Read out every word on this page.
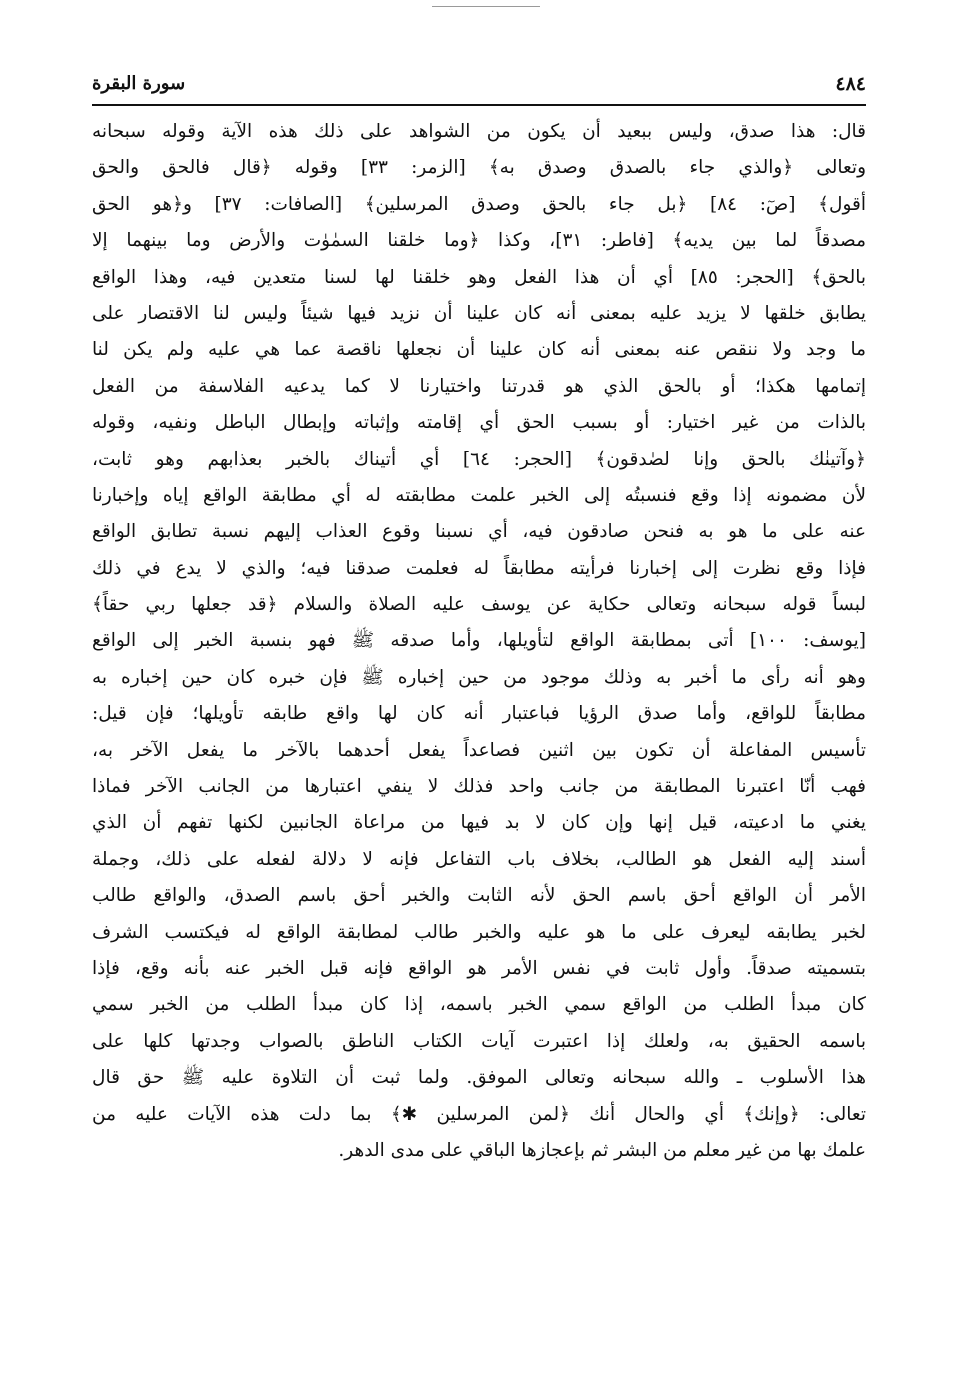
سورة البقرة	٤٨٤
قال: هذا صدق، وليس ببعيد أن يكون من الشواهد على ذلك هذه الآية وقوله سبحانه
وتعالى ﴿والذي جاء بالصدق وصدق به﴾ [الزمر: ٣٣] وقوله ﴿قال فالحق والحق
أقول﴾ [صٓ: ٨٤] ﴿بل جاء بالحق وصدق المرسلين﴾ [الصافات: ٣٧] و﴿هو الحق
مصدقاً لما بين يديه﴾ [فاطر: ٣١]، وكذا ﴿وما خلقنا السمٰوٰت والأرض وما بينهما إلا
بالحق﴾ [الحجر: ٨٥] أي أن هذا الفعل وهو خلقنا لها لسنا متعدين فيه، وهذا الواقع
يطابق خلقها لا يزيد عليه بمعنى أنه كان علينا أن نزيد فيها شيئاً وليس لنا الاقتصار على
ما وجد ولا ننقص عنه بمعنى أنه كان علينا أن نجعلها ناقصة عما هي عليه ولم يكن لنا
إتمامها هكذا؛ أو بالحق الذي هو قدرتنا واختيارنا لا كما يدعيه الفلاسفة من الفعل
بالذات من غير اختيار: أو بسبب الحق أي إقامته وإثباته وإبطال الباطل ونفيه، وقوله
﴿وآتينٰك بالحق وإنا لصٰدقون﴾ [الحجر: ٦٤] أي أتيناك بالخبر بعذابهم وهو ثابت،
لأن مضمونه إذا وقع فنسبتُه إلى الخبر علمت مطابقته له أي مطابقة الواقع إياه وإخبارنا
عنه على ما هو به فنحن صادقون فيه، أي نسبنا وقوع العذاب إليهم نسبة تطابق الواقع
فإذا وقع نظرت إلى إخبارنا فرأيته مطابقاً له فعلمت صدقنا فيه؛ والذي لا يدع في ذلك
لبساً قوله سبحانه وتعالى حكاية عن يوسف عليه الصلاة والسلام ﴿قد جعلها ربي حقاً﴾
[يوسف: ١٠٠] أتى بمطابقة الواقع لتأويلها، وأما صدقه ﷺ فهو بنسبة الخبر إلى الواقع
وهو أنه رأى ما أخبر به وذلك موجود من حين إخباره ﷺ فإن خبره كان حين إخباره به
مطابقاً للواقع، وأما صدق الرؤيا فباعتبار أنه كان لها واقع طابقه تأويلها؛ فإن قيل:
تأسيس المفاعلة أن تكون بين اثنين فصاعداً يفعل أحدهما بالآخر ما يفعل الآخر به،
فهب أنّا اعتبرنا المطابقة من جانب واحد فذلك لا ينفي اعتبارها من الجانب الآخر فماذا
يغني ما ادعيته، قيل إنها وإن كان لا بد فيها من مراعاة الجانبين لكنها تفهم أن الذي
أسند إليه الفعل هو الطالب، بخلاف باب التفاعل فإنه لا دلالة لفعله على ذلك، وجملة
الأمر أن الواقع أحق باسم الحق لأنه الثابت والخبر أحق باسم الصدق، والواقع طالب
لخبر يطابقه ليعرف على ما هو عليه والخبر طالب لمطابقة الواقع له فيكتسب الشرف
بتسميته صدقاً. وأول ثابت في نفس الأمر هو الواقع فإنه قبل الخبر عنه بأنه وقع، فإذا
كان مبدأ الطلب من الواقع سمي الخبر باسمه، إذا كان مبدأ الطلب من الخبر سمي
باسمه الحقيق به، ولعلك إذا اعتبرت آيات الكتاب الناطق بالصواب وجدتها كلها على
هذا الأسلوب ـ والله سبحانه وتعالى الموفق. ولما ثبت أن التلاوة عليه ﷺ حق قال
تعالى: ﴿وإنك﴾ أي والحال أنك ﴿لمن المرسلين ✱﴾ بما دلت هذه الآيات عليه من
علمك بها من غير معلم من البشر ثم بإعجازها الباقي على مدى الدهر.
